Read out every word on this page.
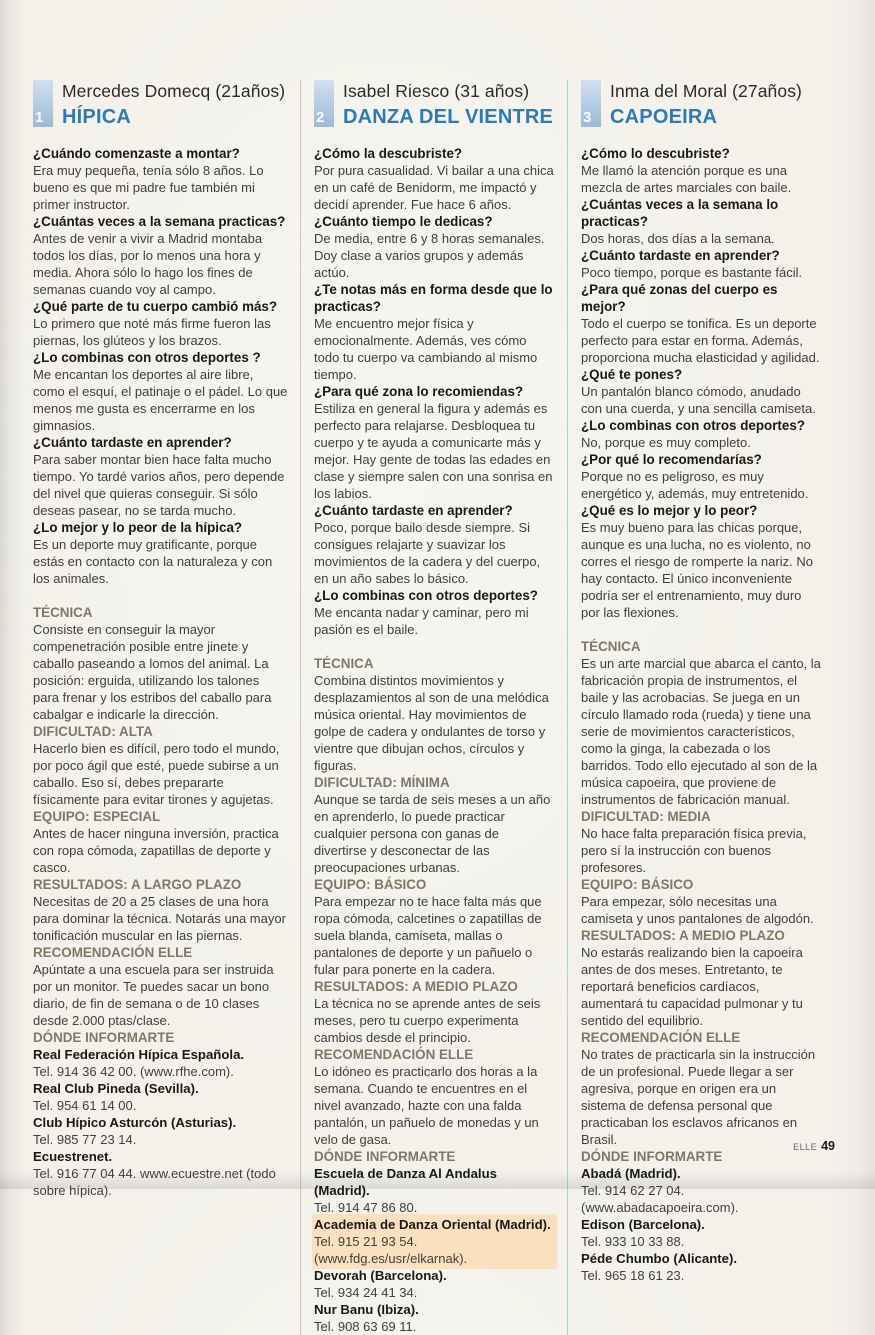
1
Mercedes Domecq (21años)
HÍPICA
¿Cuándo comenzaste a montar?
Era muy pequeña, tenía sólo 8 años. Lo bueno es que mi padre fue también mi primer instructor.
¿Cuántas veces a la semana practicas?
Antes de venir a vivir a Madrid montaba todos los días, por lo menos una hora y media. Ahora sólo lo hago los fines de semanas cuando voy al campo.
¿Qué parte de tu cuerpo cambió más?
Lo primero que noté más firme fueron las piernas, los glúteos y los brazos.
¿Lo combinas con otros deportes ?
Me encantan los deportes al aire libre, como el esquí, el patinaje o el pádel. Lo que menos me gusta es encerrarme en los gimnasios.
¿Cuánto tardaste en aprender?
Para saber montar bien hace falta mucho tiempo. Yo tardé varios años, pero depende del nivel que quieras conseguir. Si sólo deseas pasear, no se tarda mucho.
¿Lo mejor y lo peor de la hípica?
Es un deporte muy gratificante, porque estás en contacto con la naturaleza y con los animales.
TÉCNICA
Consiste en conseguir la mayor compenetración posible entre jinete y caballo paseando a lomos del animal. La posición: erguida, utilizando los talones para frenar y los estribos del caballo para cabalgar e indicarle la dirección.
DIFICULTAD: ALTA
Hacerlo bien es difícil, pero todo el mundo, por poco ágil que esté, puede subirse a un caballo. Eso sí, debes prepararte físicamente para evitar tirones y agujetas.
EQUIPO: ESPECIAL
Antes de hacer ninguna inversión, practica con ropa cómoda, zapatillas de deporte y casco.
RESULTADOS: A LARGO PLAZO
Necesitas de 20 a 25 clases de una hora para dominar la técnica. Notarás una mayor tonificación muscular en las piernas.
RECOMENDACIÓN ELLE
Apúntate a una escuela para ser instruida por un monitor. Te puedes sacar un bono diario, de fin de semana o de 10 clases desde 2.000 ptas/clase.
DÓNDE INFORMARTE
Real Federación Hípica Española.
Tel. 914 36 42 00. (www.rfhe.com).
Real Club Pineda (Sevilla).
Tel. 954 61 14 00.
Club Hípico Asturcón (Asturias).
Tel. 985 77 23 14.
Ecuestrenet.
Tel. 916 77 04 44. www.ecuestre.net (todo sobre hípica).
2
Isabel Riesco (31 años)
DANZA DEL VIENTRE
¿Cómo la descubriste?
Por pura casualidad. Vi bailar a una chica en un café de Benidorm, me impactó y decidí aprender. Fue hace 6 años.
¿Cuánto tiempo le dedicas?
De media, entre 6 y 8 horas semanales. Doy clase a varios grupos y además actúo.
¿Te notas más en forma desde que lo practicas?
Me encuentro mejor física y emocionalmente. Además, ves cómo todo tu cuerpo va cambiando al mismo tiempo.
¿Para qué zona lo recomiendas?
Estiliza en general la figura y además es perfecto para relajarse. Desbloquea tu cuerpo y te ayuda a comunicarte más y mejor. Hay gente de todas las edades en clase y siempre salen con una sonrisa en los labios.
¿Cuánto tardaste en aprender?
Poco, porque bailo desde siempre. Si consigues relajarte y suavizar los movimientos de la cadera y del cuerpo, en un año sabes lo básico.
¿Lo combinas con otros deportes?
Me encanta nadar y caminar, pero mi pasión es el baile.
TÉCNICA
Combina distintos movimientos y desplazamientos al son de una melódica música oriental. Hay movimientos de golpe de cadera y ondulantes de torso y vientre que dibujan ochos, círculos y figuras.
DIFICULTAD: MÍNIMA
Aunque se tarda de seis meses a un año en aprenderlo, lo puede practicar cualquier persona con ganas de divertirse y desconectar de las preocupaciones urbanas.
EQUIPO: BÁSICO
Para empezar no te hace falta más que ropa cómoda, calcetines o zapatillas de suela blanda, camiseta, mallas o pantalones de deporte y un pañuelo o fular para ponerte en la cadera.
RESULTADOS: A MEDIO PLAZO
La técnica no se aprende antes de seis meses, pero tu cuerpo experimenta cambios desde el principio.
RECOMENDACIÓN ELLE
Lo idóneo es practicarlo dos horas a la semana. Cuando te encuentres en el nivel avanzado, hazte con una falda pantalón, un pañuelo de monedas y un velo de gasa.
DÓNDE INFORMARTE
Escuela de Danza Al Andalus (Madrid).
Tel. 914 47 86 80.
Academia de Danza Oriental (Madrid).
Tel. 915 21 93 54. (www.fdg.es/usr/elkarnak).
Devorah (Barcelona).
Tel. 934 24 41 34.
Nur Banu (Ibiza).
Tel. 908 63 69 11.
3
Inma del Moral (27años)
CAPOEIRA
¿Cómo lo descubriste?
Me llamó la atención porque es una mezcla de artes marciales con baile.
¿Cuántas veces a la semana lo practicas?
Dos horas, dos días a la semana.
¿Cuánto tardaste en aprender?
Poco tiempo, porque es bastante fácil.
¿Para qué zonas del cuerpo es mejor?
Todo el cuerpo se tonifica. Es un deporte perfecto para estar en forma. Además, proporciona mucha elasticidad y agilidad.
¿Qué te pones?
Un pantalón blanco cómodo, anudado con una cuerda, y una sencilla camiseta.
¿Lo combinas con otros deportes?
No, porque es muy completo.
¿Por qué lo recomendarías?
Porque no es peligroso, es muy energético y, además, muy entretenido.
¿Qué es lo mejor y lo peor?
Es muy bueno para las chicas porque, aunque es una lucha, no es violento, no corres el riesgo de romperte la nariz. No hay contacto. El único inconveniente podría ser el entrenamiento, muy duro por las flexiones.
TÉCNICA
Es un arte marcial que abarca el canto, la fabricación propia de instrumentos, el baile y las acrobacias. Se juega en un círculo llamado roda (rueda) y tiene una serie de movimientos característicos, como la ginga, la cabezada o los barridos. Todo ello ejecutado al son de la música capoeira, que proviene de instrumentos de fabricación manual.
DIFICULTAD: MEDIA
No hace falta preparación física previa, pero sí la instrucción con buenos profesores.
EQUIPO: BÁSICO
Para empezar, sólo necesitas una camiseta y unos pantalones de algodón.
RESULTADOS: A MEDIO PLAZO
No estarás realizando bien la capoeira antes de dos meses. Entretanto, te reportará beneficios cardíacos, aumentará tu capacidad pulmonar y tu sentido del equilibrio.
RECOMENDACIÓN ELLE
No trates de practicarla sin la instrucción de un profesional. Puede llegar a ser agresiva, porque en origen era un sistema de defensa personal que practicaban los esclavos africanos en Brasil.
DÓNDE INFORMARTE
Abadá (Madrid).
Tel. 914 62 27 04. (www.abadacapoeira.com).
Edison (Barcelona).
Tel. 933 10 33 88.
Péde Chumbo (Alicante).
Tel. 965 18 61 23.
ELLE 49
